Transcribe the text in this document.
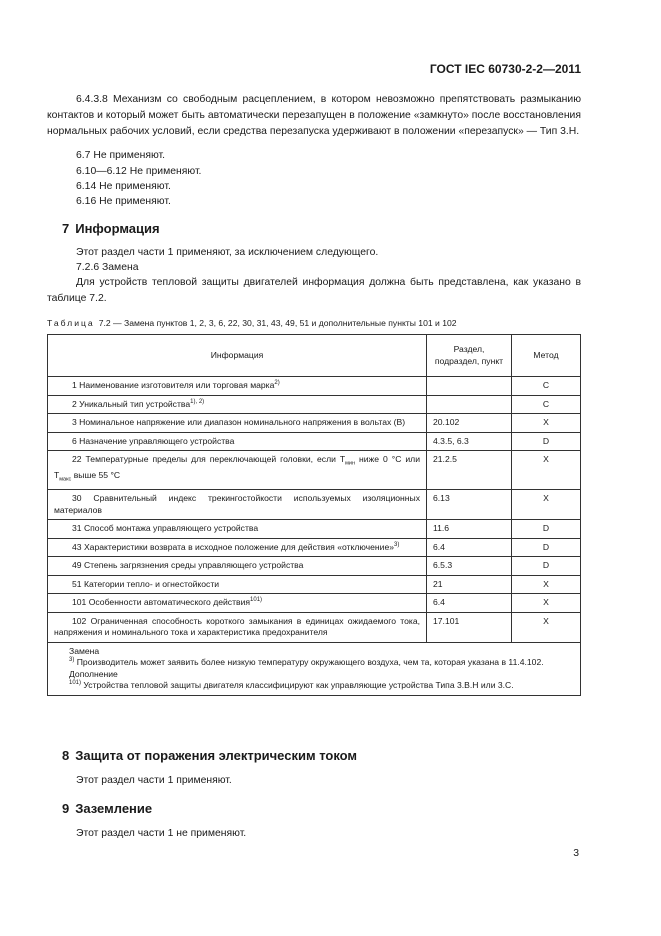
ГОСТ IEC 60730-2-2—2011
6.4.3.8 Механизм со свободным расцеплением, в котором невозможно препятствовать размыканию контактов и который может быть автоматически перезапущен в положение «замкнуто» после восстановления нормальных рабочих условий, если средства перезапуска удерживают в положении «перезапуск» — Тип 3.Н.
6.7 Не применяют.
6.10—6.12 Не применяют.
6.14 Не применяют.
6.16 Не применяют.
7 Информация
Этот раздел части 1 применяют, за исключением следующего.
7.2.6 Замена
Для устройств тепловой защиты двигателей информация должна быть представлена, как указано в таблице 7.2.
Таблица 7.2 — Замена пунктов 1, 2, 3, 6, 22, 30, 31, 43, 49, 51 и дополнительные пункты 101 и 102
Информация	Раздел, подраздел, пункт	Метод
1 Наименование изготовителя или торговая марка$^{2)}$		C
2 Уникальный тип устройства$^{1), 2)}$		C
3 Номинальное напряжение или диапазон номинального напряжения в вольтах (В)	20.102	X
6 Назначение управляющего устройства	4.3.5, 6.3	D
22 Температурные пределы для переключающей головки, если $T_{мин}$ ниже 0 °C или $T_{макс}$ выше 55 °C	21.2.5	X
30 Сравнительный индекс трекингостойкости используемых изоляционных материалов	6.13	X
31 Способ монтажа управляющего устройства	11.6	D
43 Характеристики возврата в исходное положение для действия «отключение»$^{3)}$	6.4	D
49 Степень загрязнения среды управляющего устройства	6.5.3	D
51 Категории тепло- и огнестойкости	21	X
101 Особенности автоматического действия$^{101)}$	6.4	X
102 Ограниченная способность короткого замыкания в единицах ожидаемого тока, напряжения и номинального тока и характеристика предохранителя	17.101	X

Замена
$^{3)}$ Производитель может заявить более низкую температуру окружающего воздуха, чем та, которая указана в 11.4.102.
Дополнение
$^{101)}$ Устройства тепловой защиты двигателя классифицируют как управляющие устройства Типа 3.В.Н или 3.С.		
8 Защита от поражения электрическим током
Этот раздел части 1 применяют.
9 Заземление
Этот раздел части 1 не применяют.
3
